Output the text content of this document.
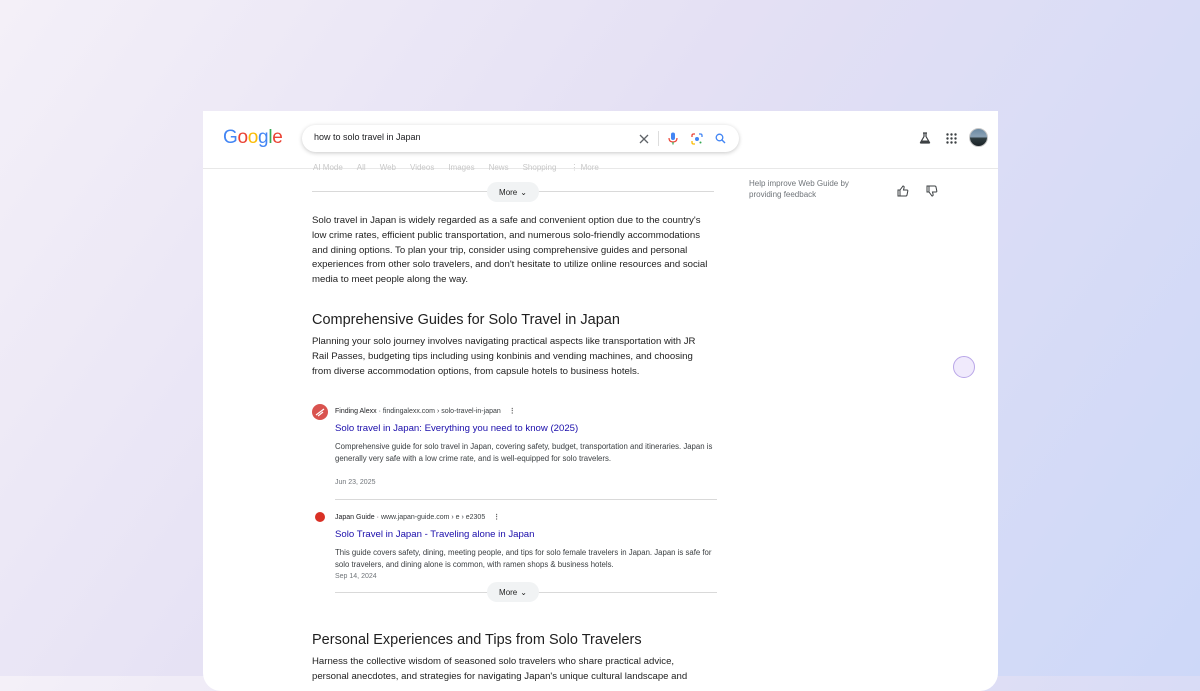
Google	how to solo travel in Japan
AI Mode All Web Videos Images News Shopping ⋮ More
More ⌄
Solo travel in Japan is widely regarded as a safe and convenient option due to the country's low crime rates, efficient public transportation, and numerous solo-friendly accommodations and dining options. To plan your trip, consider using comprehensive guides and personal experiences from other solo travelers, and don't hesitate to utilize online resources and social media to meet people along the way.
Comprehensive Guides for Solo Travel in Japan
Planning your solo journey involves navigating practical aspects like transportation with JR Rail Passes, budgeting tips including using konbinis and vending machines, and choosing from diverse accommodation options, from capsule hotels to business hotels.
Finding Alexx · findingalexx.com › solo-travel-in-japan ⋮
Solo travel in Japan: Everything you need to know (2025)
Comprehensive guide for solo travel in Japan, covering safety, budget, transportation and itineraries. Japan is generally very safe with a low crime rate, and is well-equipped for solo travelers.
Jun 23, 2025
Japan Guide · www.japan-guide.com › e › e2305 ⋮
Solo Travel in Japan - Traveling alone in Japan
This guide covers safety, dining, meeting people, and tips for solo female travelers in Japan. Japan is safe for solo travelers, and dining alone is common, with ramen shops & business hotels.
Sep 14, 2024
More ⌄
Personal Experiences and Tips from Solo Travelers
Harness the collective wisdom of seasoned solo travelers who share practical advice, personal anecdotes, and strategies for navigating Japan's unique cultural landscape and
Help improve Web Guide by providing feedback
